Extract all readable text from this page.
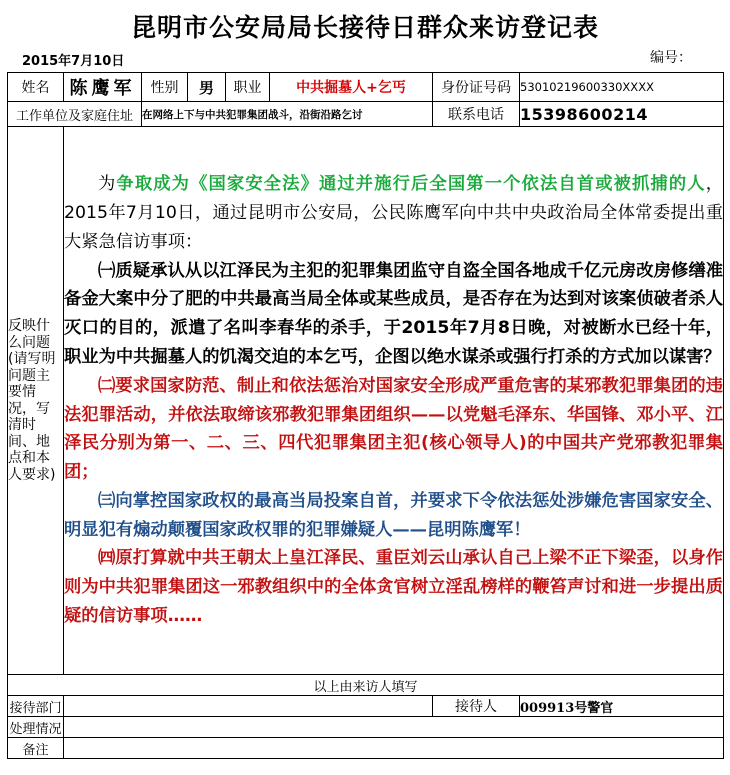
昆明市公安局局长接待日群众来访登记表
2015年7月10日	编号：
姓名	陈鹰军	性别	男	职业	中共掘墓人+乞丐	身份证号码	53010219600330XXXX
工作单位及家庭住址		在网络上下与中共犯罪集团战斗，沿街沿路乞讨				联系电话	15398600214
反映什么问题(请写明问题主要情况，写清时间、地点和本人要求)	为争取成为《国家安全法》通过并施行后全国第一个依法自首或被抓捕的人，2015年7月10日，通过昆明市公安局，公民陈鹰军向中共中央政治局全体常委提出重大紧急信访事项：

㈠质疑承认从以江泽民为主犯的犯罪集团监守自盗全国各地成千亿元房改房修缮准备金大案中分了肥的中共最高当局全体或某些成员，是否存在为达到对该案侦破者杀人灭口的目的，派遣了名叫李春华的杀手，于2015年7月8日晚，对被断水已经十年，职业为中共掘墓人的饥渴交迫的本乞丐，企图以绝水谋杀或强行打杀的方式加以谋害？

㈡要求国家防范、制止和依法惩治对国家安全形成严重危害的某邪教犯罪集团的违法犯罪活动，并依法取缔该邪教犯罪集团组织——以党魁毛泽东、华国锋、邓小平、江泽民分别为第一、二、三、四代犯罪集团主犯(核心领导人)的中国共产党邪教犯罪集团；

㈢向掌控国家政权的最高当局投案自首，并要求下令依法惩处涉嫌危害国家安全、明显犯有煽动颠覆国家政权罪的犯罪嫌疑人——昆明陈鹰军！

㈣原打算就中共王朝太上皇江泽民、重臣刘云山承认自己上梁不正下梁歪，以身作则为中共犯罪集团这一邪教组织中的全体贪官树立淫乱榜样的鞭笞声讨和进一步提出质疑的信访事项……						

以上由来访人填写							
接待部门						接待人	009913号警官
处理情况							
备注							
